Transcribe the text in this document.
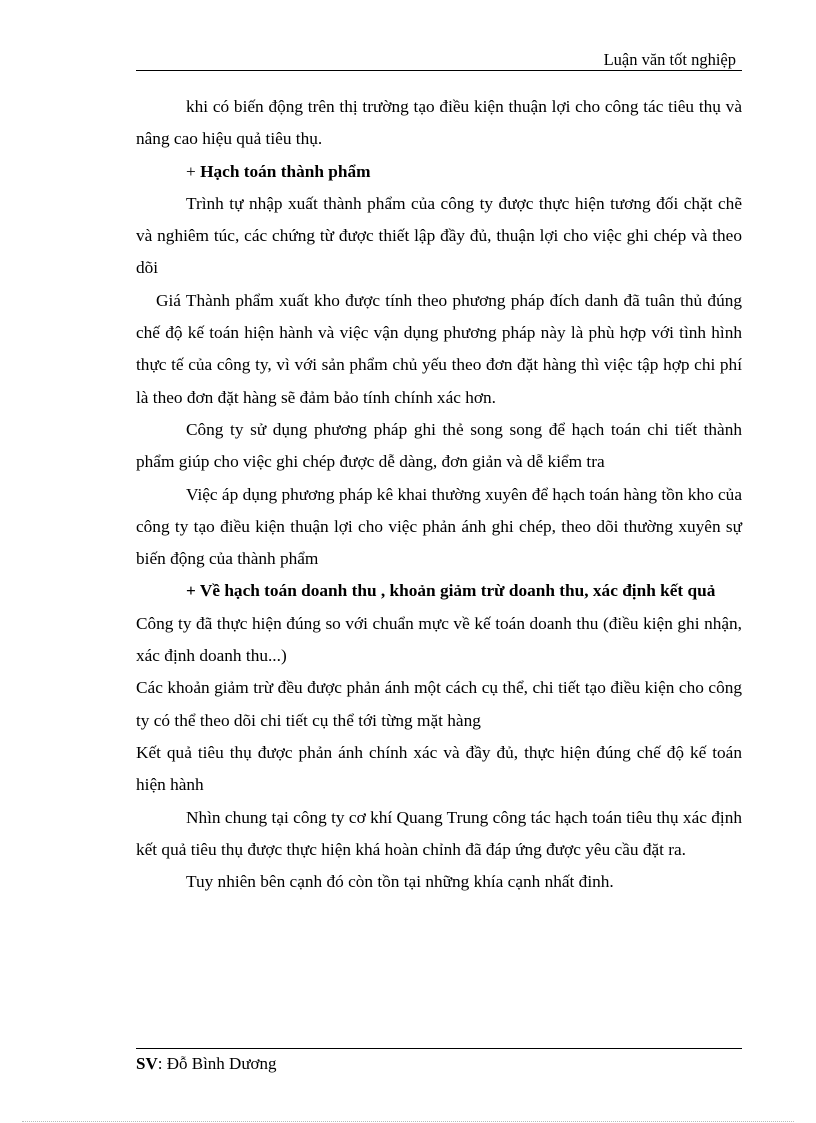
Luận văn tốt nghiệp

khi có biến động trên thị trường tạo điều kiện thuận lợi cho công tác tiêu thụ và nâng cao hiệu quả tiêu thụ.

+ Hạch toán thành phẩm

Trình tự nhập xuất thành phẩm của công ty được thực hiện tương đối chặt chẽ và nghiêm túc, các chứng từ được thiết lập đầy đủ, thuận lợi cho việc ghi chép và theo dõi

Giá Thành phẩm xuất kho được tính theo phương pháp đích danh đã tuân thủ đúng chế độ kế toán hiện hành và việc vận dụng phương pháp này là phù hợp với tình hình thực tế của công ty, vì với sản phẩm chủ yếu theo đơn đặt hàng thì việc tập hợp chi phí là theo đơn đặt hàng sẽ đảm bảo tính chính xác hơn.

Công ty sử dụng phương pháp ghi thẻ song song để hạch toán chi tiết thành phẩm giúp cho việc ghi chép được dễ dàng, đơn giản và dễ kiểm tra

Việc áp dụng phương pháp kê khai thường xuyên để hạch toán hàng tồn kho của công ty tạo điều kiện thuận lợi cho việc phản ánh ghi chép, theo dõi thường xuyên sự biến động của thành phẩm

+ Về hạch toán doanh thu , khoản giảm trừ doanh thu, xác định kết quả

Công ty đã thực hiện đúng so với chuẩn mực về kế toán doanh thu (điều kiện ghi nhận, xác định doanh thu...)

Các khoản giảm trừ đều được phản ánh một cách cụ thể, chi tiết tạo điều kiện cho công ty có thể theo dõi chi tiết cụ thể tới từng mặt hàng

Kết quả tiêu thụ được phản ánh chính xác và đầy đủ, thực hiện đúng chế độ kế toán hiện hành

Nhìn chung tại công ty cơ khí Quang Trung công tác hạch toán tiêu thụ xác định kết quả tiêu thụ được thực hiện khá hoàn chỉnh đã đáp ứng được yêu cầu đặt ra.

Tuy nhiên bên cạnh đó còn tồn tại những khía cạnh nhất đinh.

SV: Đỗ Bình Dương
